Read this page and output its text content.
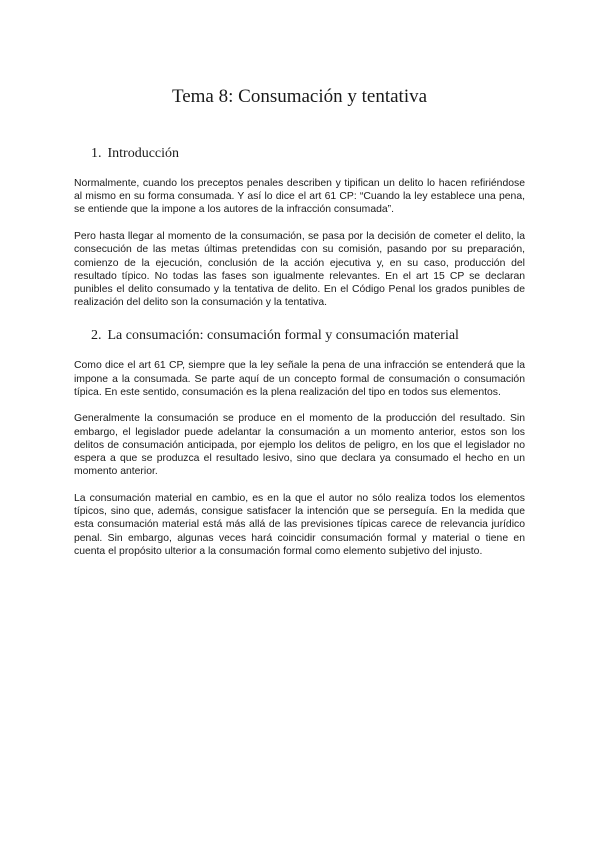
Tema 8: Consumación y tentativa
1. Introducción

Normalmente, cuando los preceptos penales describen y tipifican un delito lo hacen refiriéndose al mismo en su forma consumada. Y así lo dice el art 61 CP: “Cuando la ley establece una pena, se entiende que la impone a los autores de la infracción consumada”.

Pero hasta llegar al momento de la consumación, se pasa por la decisión de cometer el delito, la consecución de las metas últimas pretendidas con su comisión, pasando por su preparación, comienzo de la ejecución, conclusión de la acción ejecutiva y, en su caso, producción del resultado típico. No todas las fases son igualmente relevantes. En el art 15 CP se declaran punibles el delito consumado y la tentativa de delito. En el Código Penal los grados punibles de realización del delito son la consumación y la tentativa.

2. La consumación: consumación formal y consumación material

Como dice el art 61 CP, siempre que la ley señale la pena de una infracción se entenderá que la impone a la consumada. Se parte aquí de un concepto formal de consumación o consumación típica. En este sentido, consumación es la plena realización del tipo en todos sus elementos.

Generalmente la consumación se produce en el momento de la producción del resultado. Sin embargo, el legislador puede adelantar la consumación a un momento anterior, estos son los delitos de consumación anticipada, por ejemplo los delitos de peligro, en los que el legislador no espera a que se produzca el resultado lesivo, sino que declara ya consumado el hecho en un momento anterior.

La consumación material en cambio, es en la que el autor no sólo realiza todos los elementos típicos, sino que, además, consigue satisfacer la intención que se perseguía. En la medida que esta consumación material está más allá de las previsiones típicas carece de relevancia jurídico penal. Sin embargo, algunas veces hará coincidir consumación formal y material o tiene en cuenta el propósito ulterior a la consumación formal como elemento subjetivo del injusto.
